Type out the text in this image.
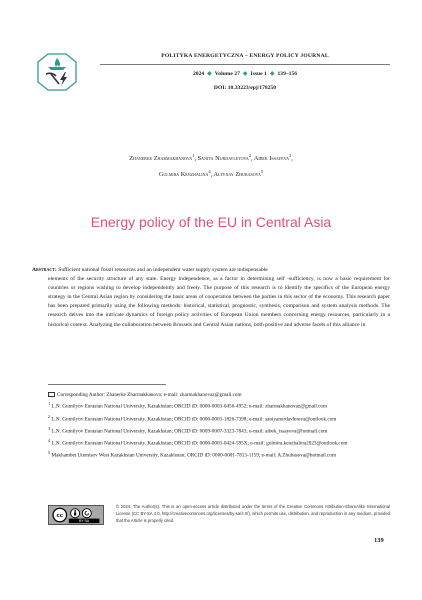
POLITYKA ENERGETYCZNA – ENERGY POLICY JOURNAL
2024 ◆ Volume 27 ◆ Issue 1 ◆ 139–156
DOI: 10.33223/epj/178250
Zhanerke Zharmakhanova$^1$, Saniya Nurdavletova$^2$, Aibek Issayeva$^3$,
Gulmira Kenzhalina$^4$, Altynay Zhubasova$^5$
Energy policy of the EU in Central Asia
Abstract: Sufficient national fossil resources and an independent water supply system are indispensable
elements of the security structure of any state. Energy independence, as a factor in determining self -sufficiency, is now a basic requirement for countries or regions wishing to develop independently and freely. The purpose of this research is to identify the specifics of the European energy strategy in the Central Asian region by considering the basic areas of cooperation between the parties in this sector of the economy. This research paper has been prepared primarily using the following methods: historical, statistical, prognostic, synthesis, comparison and system analysis methods. The research delves into the intricate dynamics of foreign policy activities of European Union members concerning energy resources, particularly in a historical context. Analyzing the collaboration between Brussels and Central Asian nations, both positive and adverse facets of this alliance in

Corresponding Author: Zhanerke Zharmakhanova; e-mail: zharmakhanovaz@gmail.com

$^1$ L.N. Gumilyov Eurasian National University, Kazakhstan; ORCID iD: 0000-0003-0456-4952; e-mail: zharmakhanovaz@gmail.com

$^2$ L.N. Gumilyov Eurasian National University, Kazakhstan; ORCID iD: 0000-0003-1826-7398; e-mail: saniyanurdavletova@outlook.com

$^3$ L.N. Gumilyov Eurasian National University, Kazakhstan; ORCID iD: 0009-0007-3323-7843; e-mail: aibek_issayeva@hotmail.com

$^4$ L.N. Gumilyov Eurasian National University, Kazakhstan; ORCID iD: 0000-0003-0424-595X; e-mail: gulmira.kenzhalina2023@outlook.com

$^5$ Makhambet Utemisov West Kazakhstan University, Kazakhstan; ORCID iD: 0000-0001-7813-1159; e-mail: A.Zhubasova@hotmail.com

cc
BY SA
© 2024. The Author(s). This is an open-access article distributed under the terms of the Creative Commons Attribution-ShareAlike International License (CC BY-SA 4.0, http://creativecommons.org/licenses/by-sa/4.0/), which permits use, distribution, and reproduction in any medium, provided that the Article is properly cited.
139
